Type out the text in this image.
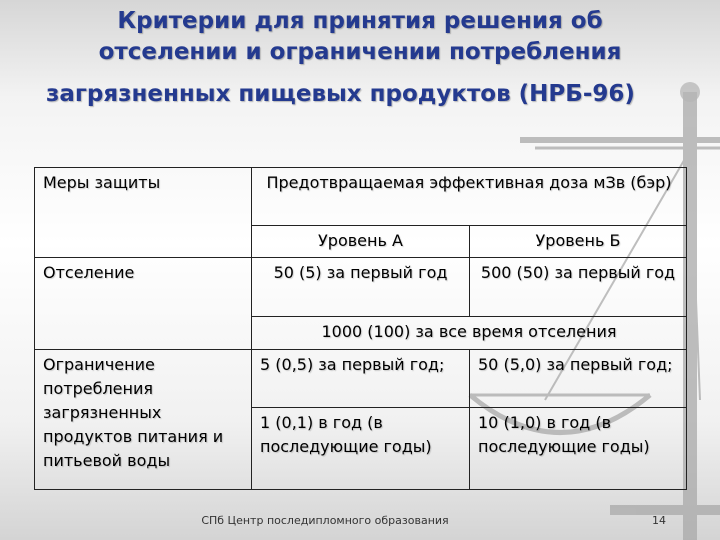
Критерии для принятия решения об
отселении и ограничении потребления
загрязненных пищевых продуктов (НРБ-96)
Меры защиты	Предотвращаемая эффективная доза мЗв (бэр)	
	Уровень А	Уровень Б
Отселение	50 (5) за первый год	500 (50) за первый год
	1000 (100) за все время отселения	
Ограничение потребления загрязненных продуктов питания и питьевой воды	5 (0,5) за первый год;	50 (5,0) за первый год;
	1 (0,1) в год (в последующие годы)	10 (1,0) в год (в последующие годы)
СПб Центр последипломного образования	14
